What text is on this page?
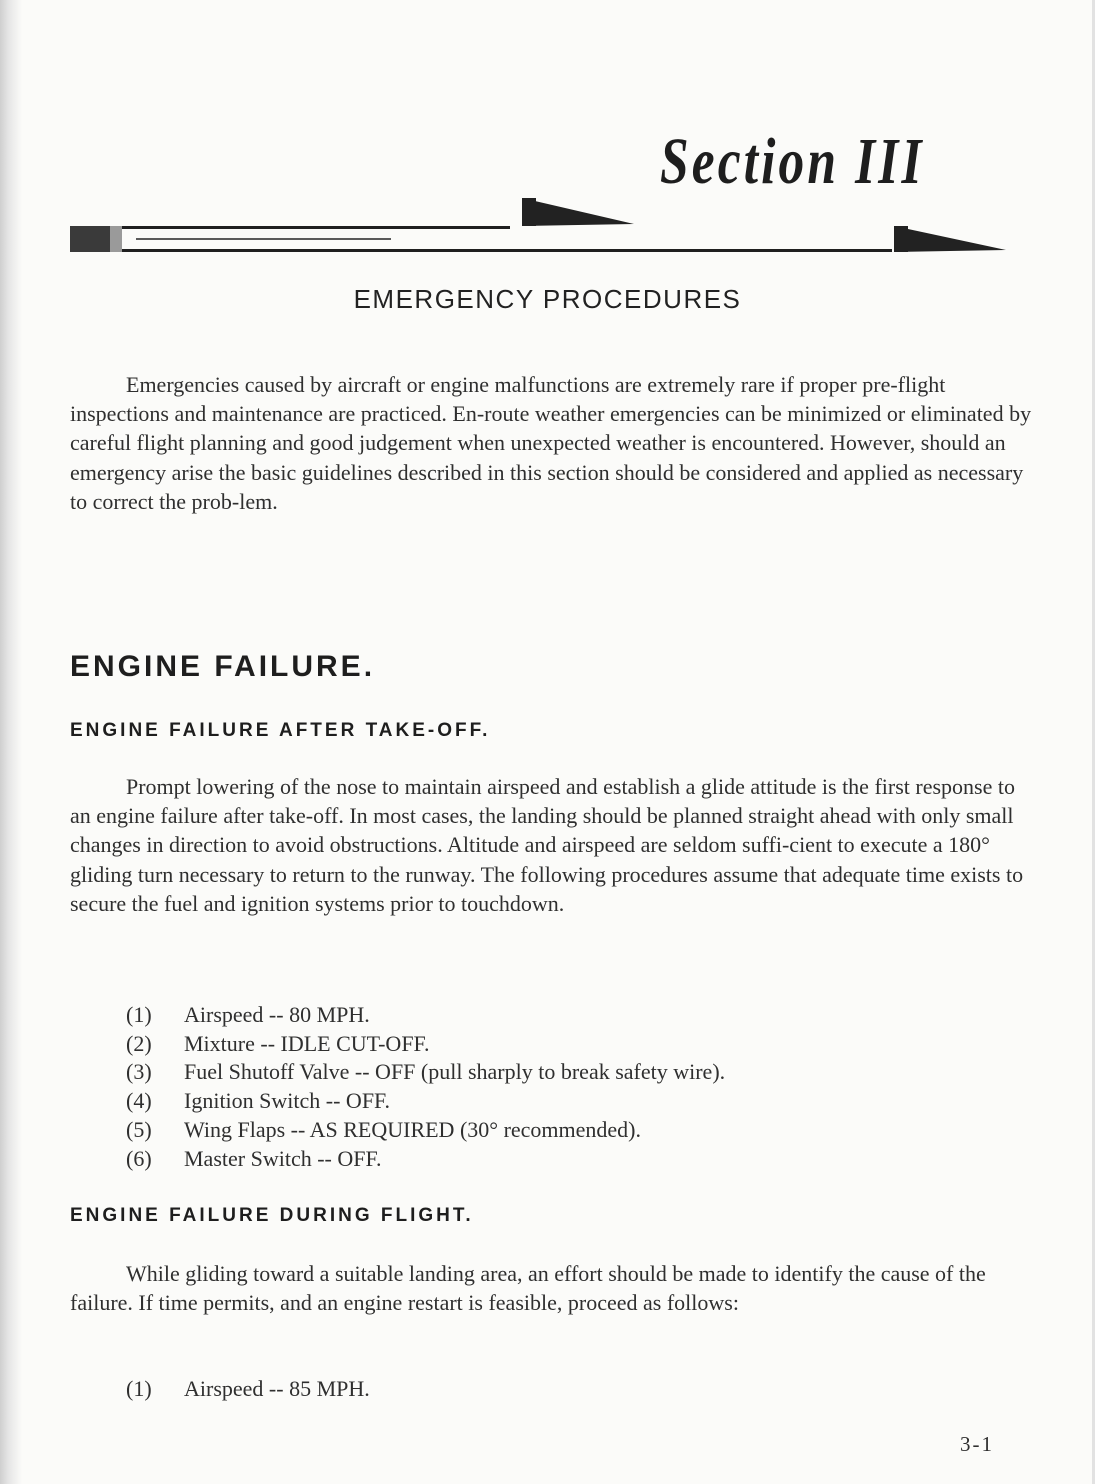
Section III
EMERGENCY PROCEDURES

Emergencies caused by aircraft or engine malfunctions are extremely rare if proper pre-flight inspections and maintenance are practiced. En-route weather emergencies can be minimized or eliminated by careful flight planning and good judgement when unexpected weather is encountered. However, should an emergency arise the basic guidelines described in this section should be considered and applied as necessary to correct the prob-lem.

ENGINE FAILURE.
ENGINE FAILURE AFTER TAKE-OFF.

Prompt lowering of the nose to maintain airspeed and establish a glide attitude is the first response to an engine failure after take-off. In most cases, the landing should be planned straight ahead with only small changes in direction to avoid obstructions. Altitude and airspeed are seldom suffi-cient to execute a 180° gliding turn necessary to return to the runway. The following procedures assume that adequate time exists to secure the fuel and ignition systems prior to touchdown.

(1) Airspeed -- 80 MPH.
(2) Mixture -- IDLE CUT-OFF.
(3) Fuel Shutoff Valve -- OFF (pull sharply to break safety wire).
(4) Ignition Switch -- OFF.
(5) Wing Flaps -- AS REQUIRED (30° recommended).
(6) Master Switch -- OFF.
ENGINE FAILURE DURING FLIGHT.

While gliding toward a suitable landing area, an effort should be made to identify the cause of the failure. If time permits, and an engine restart is feasible, proceed as follows:

(1) Airspeed -- 85 MPH.
3-1
